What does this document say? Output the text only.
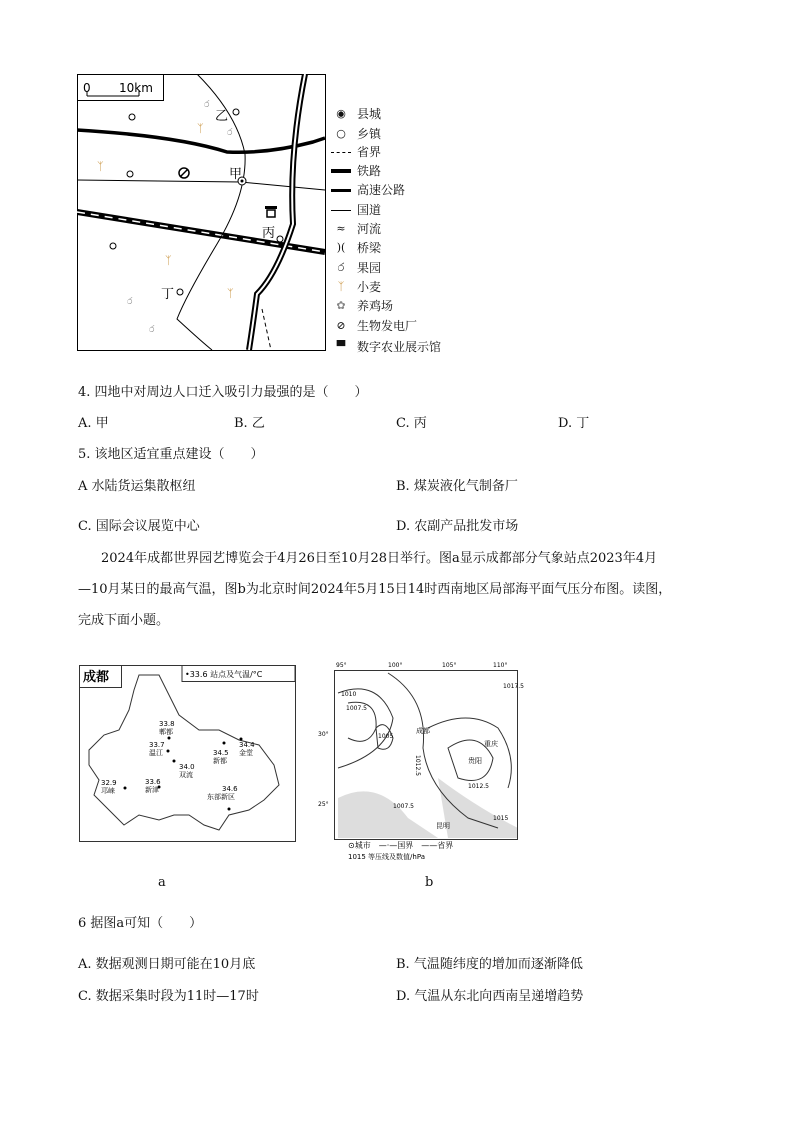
0 10km
甲
乙
丙
丁
ᛉ
ᛉ
ᛉ
ᛉ
ර
ර
ර
ර
◉ 县城
○ 乡镇
省界
铁路
高速公路
国道
≈ 河流
)( 桥梁
ර	果园
ᛉ	小麦
✿ 养鸡场
⊘ 生物发电厂
▀ 数字农业展示馆
4. 四地中对周边人口迁入吸引力最强的是（　　）
A. 甲	B. 乙	C. 丙	D. 丁
5. 该地区适宜重点建设（　　）
A 水陆货运集散枢纽	B. 煤炭液化气制备厂
C. 国际会议展览中心	D. 农副产品批发市场
2024年成都世界园艺博览会于4月26日至10月28日举行。图a显示成都部分气象站点2023年4月
—10月某日的最高气温，图b为北京时间2024年5月15日14时西南地区局部海平面气压分布图。读图，
完成下面小题。
成都	•33.6 站点及气温/°C
33.8
郫都
33.7
温江	34.5
新都
34.4
金堂
34.0
双流
32.9
邛崃
33.6
新津	34.6
东部新区
a
95°	100°	105°	110°
30°
25°
1010
1007.5
1005
1012.5
1012.5
1015
1017.5
1007.5
成都
重庆
贵阳
昆明
⊙城市　—·—国界　——省界
1015 等压线及数值/hPa
b
6 据图a可知（　　）
A. 数据观测日期可能在10月底	B. 气温随纬度的增加而逐渐降低
C. 数据采集时段为11时—17时	D. 气温从东北向西南呈递增趋势
